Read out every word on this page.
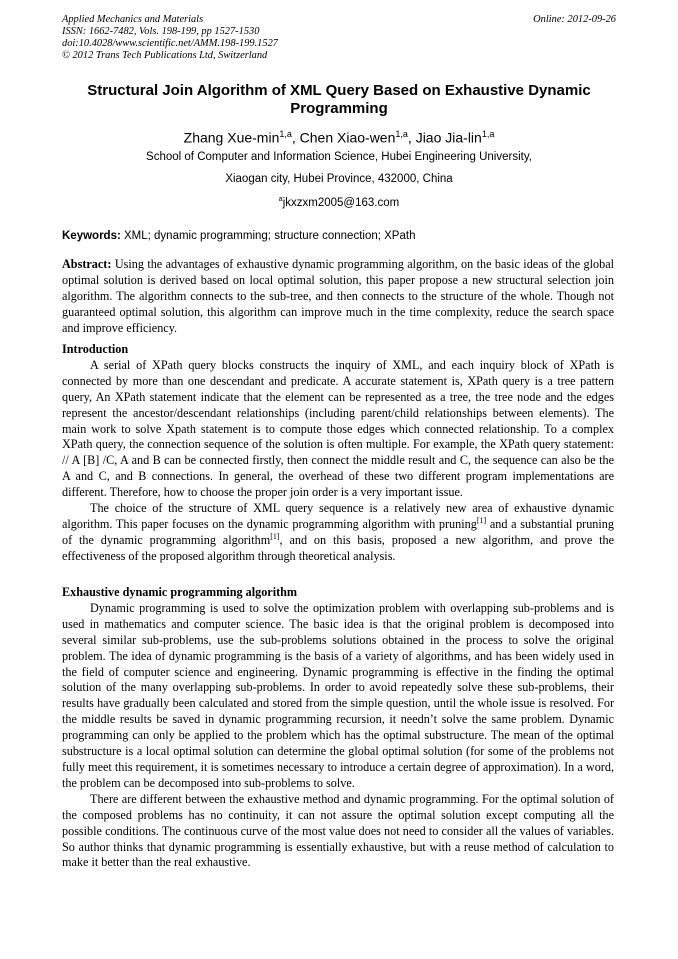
Applied Mechanics and Materials
ISSN: 1662-7482, Vols. 198-199, pp 1527-1530
doi:10.4028/www.scientific.net/AMM.198-199.1527
© 2012 Trans Tech Publications Ltd, Switzerland
Online: 2012-09-26
Structural Join Algorithm of XML Query Based on Exhaustive Dynamic Programming
Zhang Xue-$\min^{1,a}$, Chen Xiao-wen$^{1,a}$, Jiao Jia-lin$^{1,a}$
School of Computer and Information Science, Hubei Engineering University,
Xiaogan city, Hubei Province, 432000, China
$^a$jkxzxm2005@163.com
Keywords: XML; dynamic programming; structure connection; XPath
Abstract: Using the advantages of exhaustive dynamic programming algorithm, on the basic ideas of the global optimal solution is derived based on local optimal solution, this paper propose a new structural selection join algorithm. The algorithm connects to the sub-tree, and then connects to the structure of the whole. Though not guaranteed optimal solution, this algorithm can improve much in the time complexity, reduce the search space and improve efficiency.
Introduction

A serial of XPath query blocks constructs the inquiry of XML, and each inquiry block of XPath is connected by more than one descendant and predicate. A accurate statement is, XPath query is a tree pattern query, An XPath statement indicate that the element can be represented as a tree, the tree node and the edges represent the ancestor/descendant relationships (including parent/child relationships between elements). The main work to solve Xpath statement is to compute those edges which connected relationship. To a complex XPath query, the connection sequence of the solution is often multiple. For example, the XPath query statement: // A [B] /C, A and B can be connected firstly, then connect the middle result and C, the sequence can also be the A and C, and B connections. In general, the overhead of these two different program implementations are different. Therefore, how to choose the proper join order is a very important issue.

The choice of the structure of XML query sequence is a relatively new area of exhaustive dynamic algorithm. This paper focuses on the dynamic programming algorithm with pruning[1] and a substantial pruning of the dynamic programming algorithm[1], and on this basis, proposed a new algorithm, and prove the effectiveness of the proposed algorithm through theoretical analysis.

Exhaustive dynamic programming algorithm

Dynamic programming is used to solve the optimization problem with overlapping sub-problems and is used in mathematics and computer science. The basic idea is that the original problem is decomposed into several similar sub-problems, use the sub-problems solutions obtained in the process to solve the original problem. The idea of dynamic programming is the basis of a variety of algorithms, and has been widely used in the field of computer science and engineering. Dynamic programming is effective in the finding the optimal solution of the many overlapping sub-problems. In order to avoid repeatedly solve these sub-problems, their results have gradually been calculated and stored from the simple question, until the whole issue is resolved. For the middle results be saved in dynamic programming recursion, it needn’t solve the same problem. Dynamic programming can only be applied to the problem which has the optimal substructure. The mean of the optimal substructure is a local optimal solution can determine the global optimal solution (for some of the problems not fully meet this requirement, it is sometimes necessary to introduce a certain degree of approximation). In a word, the problem can be decomposed into sub-problems to solve.

There are different between the exhaustive method and dynamic programming. For the optimal solution of the composed problems has no continuity, it can not assure the optimal solution except computing all the possible conditions. The continuous curve of the most value does not need to consider all the values of variables. So author thinks that dynamic programming is essentially exhaustive, but with a reuse method of calculation to make it better than the real exhaustive.
